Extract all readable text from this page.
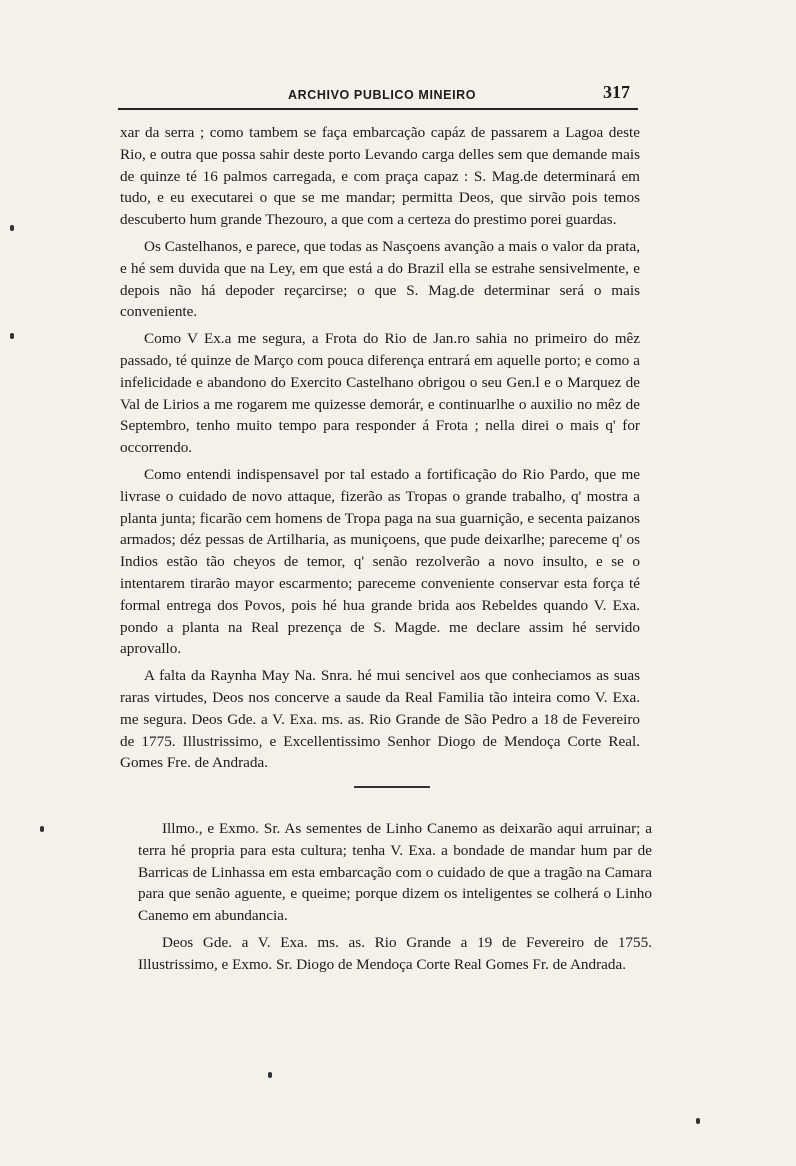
ARCHIVO PUBLICO MINEIRO	317

xar da serra ; como tambem se faça embarcação capáz de passarem a Lagoa deste Rio, e outra que possa sahir deste porto Levando carga delles sem que demande mais de quinze té 16 palmos carregada, e com praça capaz : S. Mag.de determinará em tudo, e eu executarei o que se me mandar; permitta Deos, que sirvão pois temos descuberto hum grande Thezouro, a que com a certeza do prestimo porei guardas.

Os Castelhanos, e parece, que todas as Nasçoens avanção a mais o valor da prata, e hé sem duvida que na Ley, em que está a do Brazil ella se estrahe sensivelmente, e depois não há depoder reçarcirse; o que S. Mag.de determinar será o mais conveniente.

Como V Ex.a me segura, a Frota do Rio de Jan.ro sahia no primeiro do mêz passado, té quinze de Março com pouca diferença entrará em aquelle porto; e como a infelicidade e abandono do Exercito Castelhano obrigou o seu Gen.l e o Marquez de Val de Lirios a me rogarem me quizesse demorár, e continuarlhe o auxilio no mêz de Septembro, tenho muito tempo para responder á Frota ; nella direi o mais q' for occorrendo.

Como entendi indispensavel por tal estado a fortificação do Rio Pardo, que me livrase o cuidado de novo attaque, fizerão as Tropas o grande trabalho, q' mostra a planta junta; ficarão cem homens de Tropa paga na sua guarnição, e secenta paizanos armados; déz pessas de Artilharia, as muniçoens, que pude deixarlhe; pareceme q' os Indios estão tão cheyos de temor, q' senão rezolverão a novo insulto, e se o intentarem tirarão mayor escarmento; pareceme conveniente conservar esta força té formal entrega dos Povos, pois hé hua grande brida aos Rebeldes quando V. Exa. pondo a planta na Real prezença de S. Magde. me declare assim hé servido aprovallo.

A falta da Raynha May Na. Snra. hé mui sencivel aos que conheciamos as suas raras virtudes, Deos nos concerve a saude da Real Familia tão inteira como V. Exa. me segura. Deos Gde. a V. Exa. ms. as. Rio Grande de São Pedro a 18 de Fevereiro de 1775. Illustrissimo, e Excellentissimo Senhor Diogo de Mendoça Corte Real. Gomes Fre. de Andrada.

Illmo., e Exmo. Sr. As sementes de Linho Canemo as deixarão aqui arruinar; a terra hé propria para esta cultura; tenha V. Exa. a bondade de mandar hum par de Barricas de Linhassa em esta embarcação com o cuidado de que a tragão na Camara para que senão aguente, e queime; porque dizem os inteligentes se colherá o Linho Canemo em abundancia.

Deos Gde. a V. Exa. ms. as. Rio Grande a 19 de Fevereiro de 1755. Illustrissimo, e Exmo. Sr. Diogo de Mendoça Corte Real Gomes Fr. de Andrada.
